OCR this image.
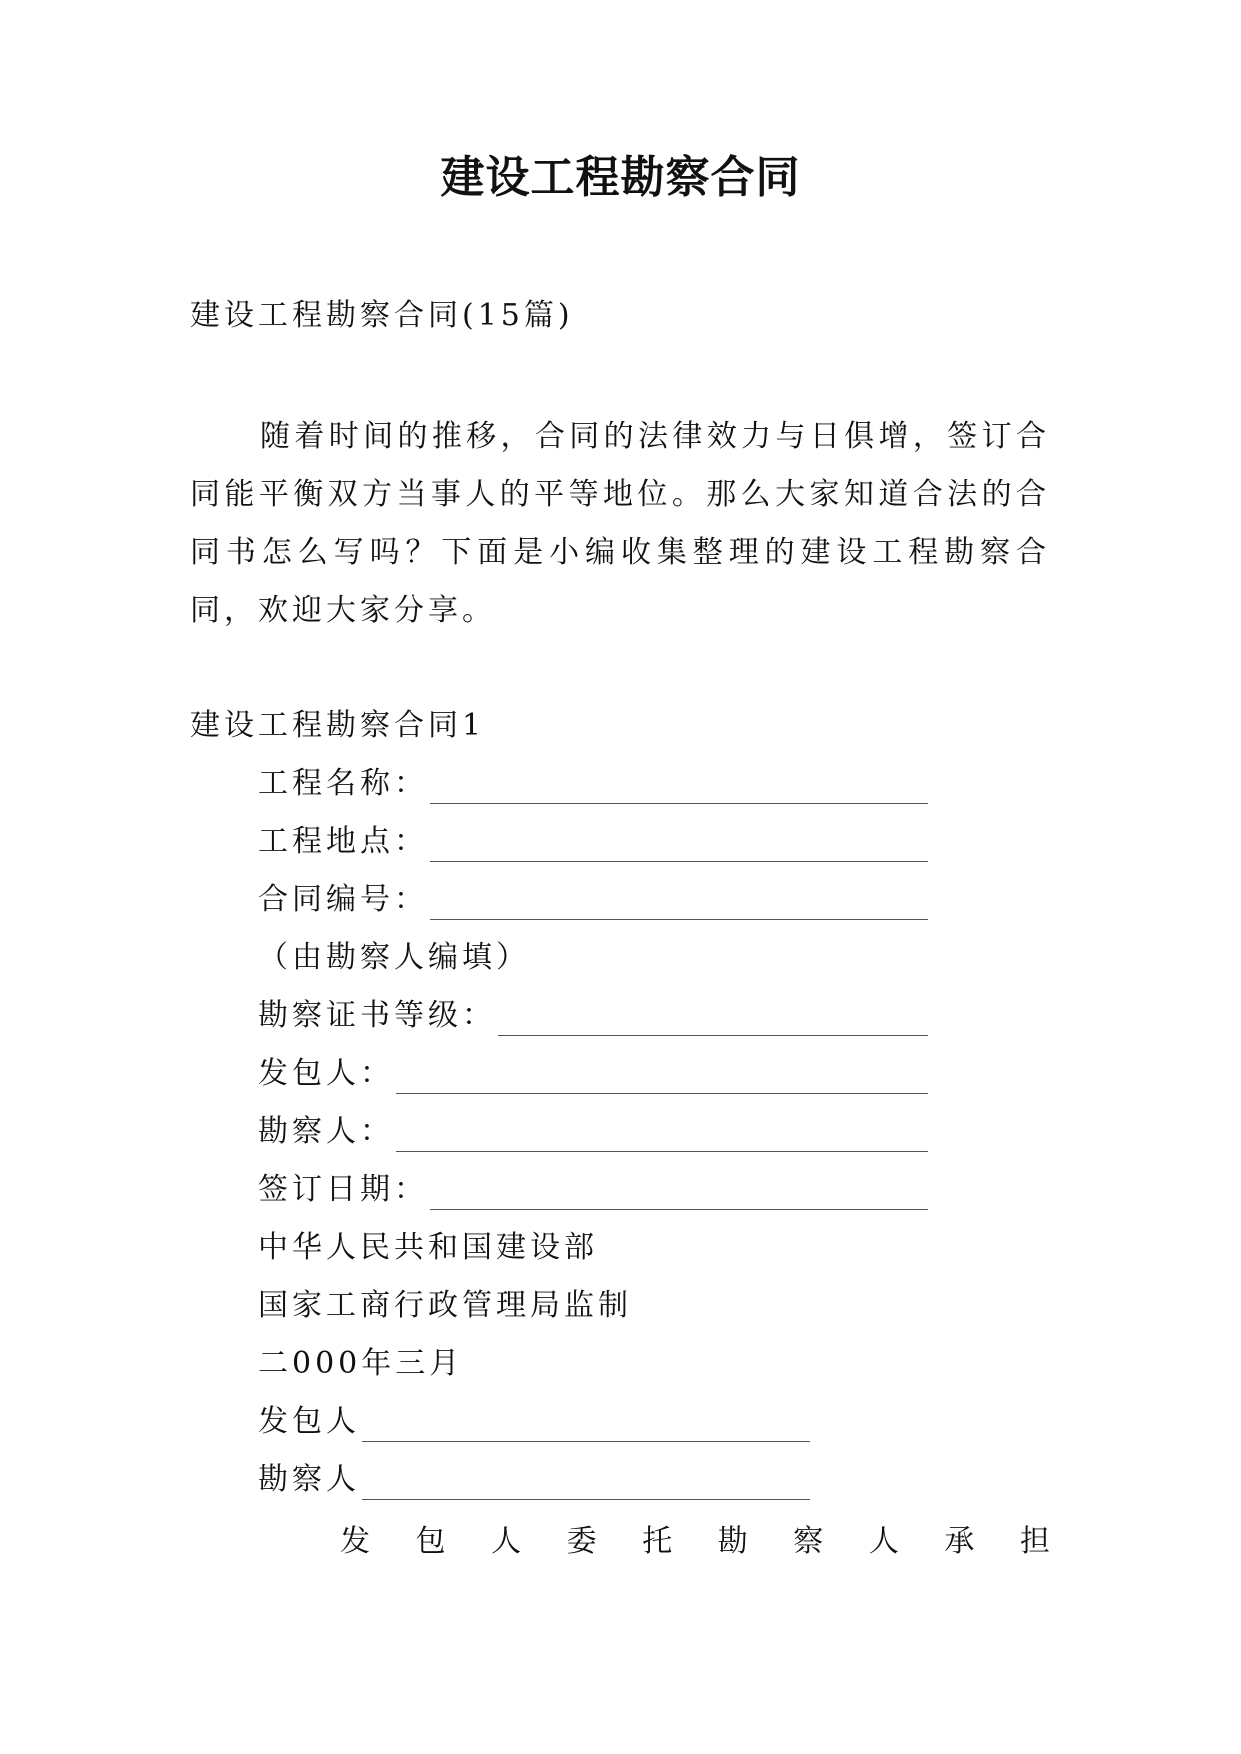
建设工程勘察合同
建设工程勘察合同(15篇)
随着时间的推移，合同的法律效力与日俱增，签订合同能平衡双方当事人的平等地位。那么大家知道合法的合同书怎么写吗？下面是小编收集整理的建设工程勘察合同，欢迎大家分享。
建设工程勘察合同1
工程名称：
工程地点：
合同编号：
（由勘察人编填）
勘察证书等级：
发包人：
勘察人：
签订日期：
中华人民共和国建设部
国家工商行政管理局监制
二000年三月
发包人
勘察人
发 包 人 委 托 勘 察 人 承 担
